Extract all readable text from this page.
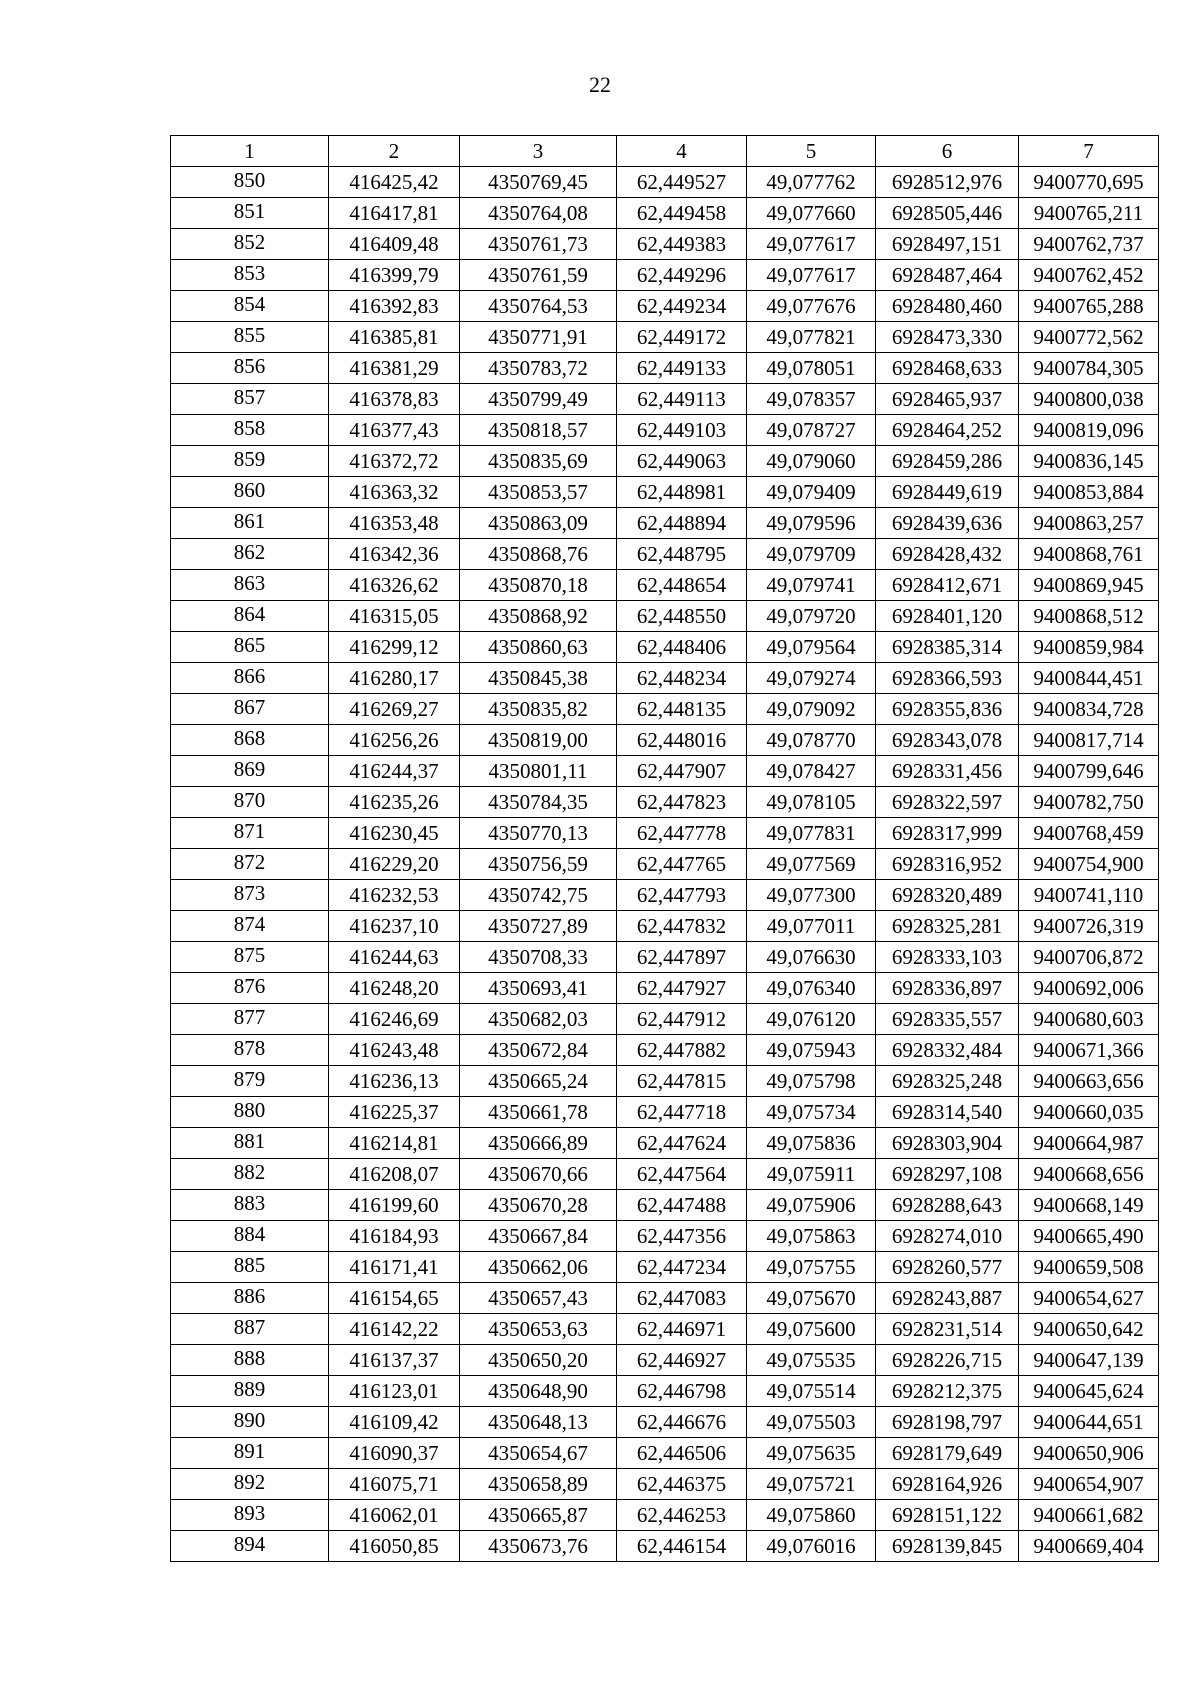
22
1	2	3	4	5	6	7
850	416425,42	4350769,45	62,449527	49,077762	6928512,976	9400770,695
851	416417,81	4350764,08	62,449458	49,077660	6928505,446	9400765,211
852	416409,48	4350761,73	62,449383	49,077617	6928497,151	9400762,737
853	416399,79	4350761,59	62,449296	49,077617	6928487,464	9400762,452
854	416392,83	4350764,53	62,449234	49,077676	6928480,460	9400765,288
855	416385,81	4350771,91	62,449172	49,077821	6928473,330	9400772,562
856	416381,29	4350783,72	62,449133	49,078051	6928468,633	9400784,305
857	416378,83	4350799,49	62,449113	49,078357	6928465,937	9400800,038
858	416377,43	4350818,57	62,449103	49,078727	6928464,252	9400819,096
859	416372,72	4350835,69	62,449063	49,079060	6928459,286	9400836,145
860	416363,32	4350853,57	62,448981	49,079409	6928449,619	9400853,884
861	416353,48	4350863,09	62,448894	49,079596	6928439,636	9400863,257
862	416342,36	4350868,76	62,448795	49,079709	6928428,432	9400868,761
863	416326,62	4350870,18	62,448654	49,079741	6928412,671	9400869,945
864	416315,05	4350868,92	62,448550	49,079720	6928401,120	9400868,512
865	416299,12	4350860,63	62,448406	49,079564	6928385,314	9400859,984
866	416280,17	4350845,38	62,448234	49,079274	6928366,593	9400844,451
867	416269,27	4350835,82	62,448135	49,079092	6928355,836	9400834,728
868	416256,26	4350819,00	62,448016	49,078770	6928343,078	9400817,714
869	416244,37	4350801,11	62,447907	49,078427	6928331,456	9400799,646
870	416235,26	4350784,35	62,447823	49,078105	6928322,597	9400782,750
871	416230,45	4350770,13	62,447778	49,077831	6928317,999	9400768,459
872	416229,20	4350756,59	62,447765	49,077569	6928316,952	9400754,900
873	416232,53	4350742,75	62,447793	49,077300	6928320,489	9400741,110
874	416237,10	4350727,89	62,447832	49,077011	6928325,281	9400726,319
875	416244,63	4350708,33	62,447897	49,076630	6928333,103	9400706,872
876	416248,20	4350693,41	62,447927	49,076340	6928336,897	9400692,006
877	416246,69	4350682,03	62,447912	49,076120	6928335,557	9400680,603
878	416243,48	4350672,84	62,447882	49,075943	6928332,484	9400671,366
879	416236,13	4350665,24	62,447815	49,075798	6928325,248	9400663,656
880	416225,37	4350661,78	62,447718	49,075734	6928314,540	9400660,035
881	416214,81	4350666,89	62,447624	49,075836	6928303,904	9400664,987
882	416208,07	4350670,66	62,447564	49,075911	6928297,108	9400668,656
883	416199,60	4350670,28	62,447488	49,075906	6928288,643	9400668,149
884	416184,93	4350667,84	62,447356	49,075863	6928274,010	9400665,490
885	416171,41	4350662,06	62,447234	49,075755	6928260,577	9400659,508
886	416154,65	4350657,43	62,447083	49,075670	6928243,887	9400654,627
887	416142,22	4350653,63	62,446971	49,075600	6928231,514	9400650,642
888	416137,37	4350650,20	62,446927	49,075535	6928226,715	9400647,139
889	416123,01	4350648,90	62,446798	49,075514	6928212,375	9400645,624
890	416109,42	4350648,13	62,446676	49,075503	6928198,797	9400644,651
891	416090,37	4350654,67	62,446506	49,075635	6928179,649	9400650,906
892	416075,71	4350658,89	62,446375	49,075721	6928164,926	9400654,907
893	416062,01	4350665,87	62,446253	49,075860	6928151,122	9400661,682
894	416050,85	4350673,76	62,446154	49,076016	6928139,845	9400669,404
